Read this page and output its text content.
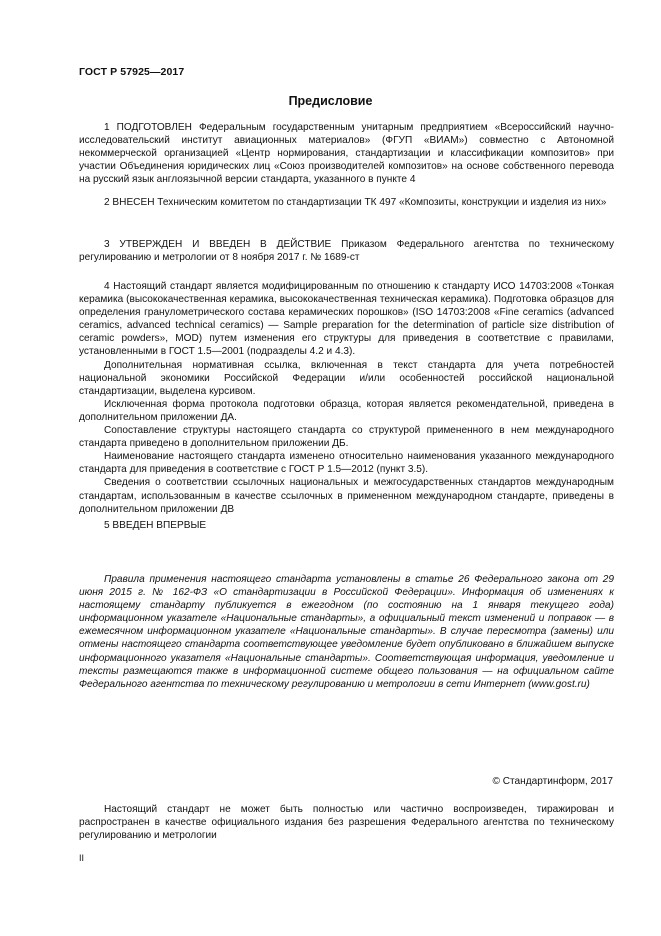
ГОСТ Р 57925—2017
Предисловие

1 ПОДГОТОВЛЕН Федеральным государственным унитарным предприятием «Всероссийский научно-исследовательский институт авиационных материалов» (ФГУП «ВИАМ») совместно с Автономной некоммерческой организацией «Центр нормирования, стандартизации и классификации композитов» при участии Объединения юридических лиц «Союз производителей композитов» на основе собственного перевода на русский язык англоязычной версии стандарта, указанного в пункте 4

2 ВНЕСЕН Техническим комитетом по стандартизации ТК 497 «Композиты, конструкции и изделия из них»

3 УТВЕРЖДЕН И ВВЕДЕН В ДЕЙСТВИЕ Приказом Федерального агентства по техническому регулированию и метрологии от 8 ноября 2017 г. № 1689-ст

4 Настоящий стандарт является модифицированным по отношению к стандарту ИСО 14703:2008 «Тонкая керамика (высококачественная керамика, высококачественная техническая керамика). Подготовка образцов для определения гранулометрического состава керамических порошков» (ISO 14703:2008 «Fine ceramics (advanced ceramics, advanced technical ceramics) — Sample preparation for the determination of particle size distribution of ceramic powders», MOD) путем изменения его структуры для приведения в соответствие с правилами, установленными в ГОСТ 1.5—2001 (подразделы 4.2 и 4.3).

Дополнительная нормативная ссылка, включенная в текст стандарта для учета потребностей национальной экономики Российской Федерации и/или особенностей российской национальной стандартизации, выделена курсивом.

Исключенная форма протокола подготовки образца, которая является рекомендательной, приведена в дополнительном приложении ДА.

Сопоставление структуры настоящего стандарта со структурой примененного в нем международного стандарта приведено в дополнительном приложении ДБ.

Наименование настоящего стандарта изменено относительно наименования указанного международного стандарта для приведения в соответствие с ГОСТ Р 1.5—2012 (пункт 3.5).

Сведения о соответствии ссылочных национальных и межгосударственных стандартов международным стандартам, использованным в качестве ссылочных в примененном международном стандарте, приведены в дополнительном приложении ДВ

5 ВВЕДЕН ВПЕРВЫЕ

Правила применения настоящего стандарта установлены в статье 26 Федерального закона от 29 июня 2015 г. № 162-ФЗ «О стандартизации в Российской Федерации». Информация об изменениях к настоящему стандарту публикуется в ежегодном (по состоянию на 1 января текущего года) информационном указателе «Национальные стандарты», а официальный текст изменений и поправок — в ежемесячном информационном указателе «Национальные стандарты». В случае пересмотра (замены) или отмены настоящего стандарта соответствующее уведомление будет опубликовано в ближайшем выпуске информационного указателя «Национальные стандарты». Соответствующая информация, уведомление и тексты размещаются также в информационной системе общего пользования — на официальном сайте Федерального агентства по техническому регулированию и метрологии в сети Интернет (www.gost.ru)

© Стандартинформ, 2017

Настоящий стандарт не может быть полностью или частично воспроизведен, тиражирован и распространен в качестве официального издания без разрешения Федерального агентства по техническому регулированию и метрологии

II
